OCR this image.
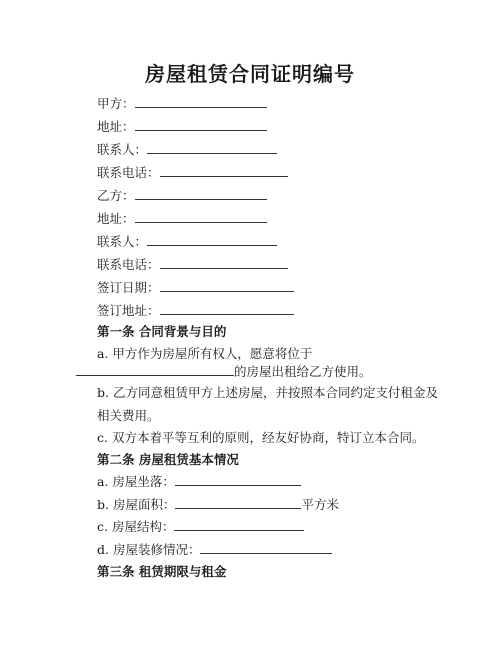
房屋租赁合同证明编号
甲方：
地址：
联系人：
联系电话：
乙方：
地址：
联系人：
联系电话：
签订日期：
签订地址：
第一条 合同背景与目的
a. 甲方作为房屋所有权人，愿意将位于
的房屋出租给乙方使用。
b. 乙方同意租赁甲方上述房屋，并按照本合同约定支付租金及相关费用。
c. 双方本着平等互利的原则，经友好协商，特订立本合同。
第二条 房屋租赁基本情况
a. 房屋坐落：
b. 房屋面积：	平方米
c. 房屋结构：
d. 房屋装修情况：
第三条 租赁期限与租金
